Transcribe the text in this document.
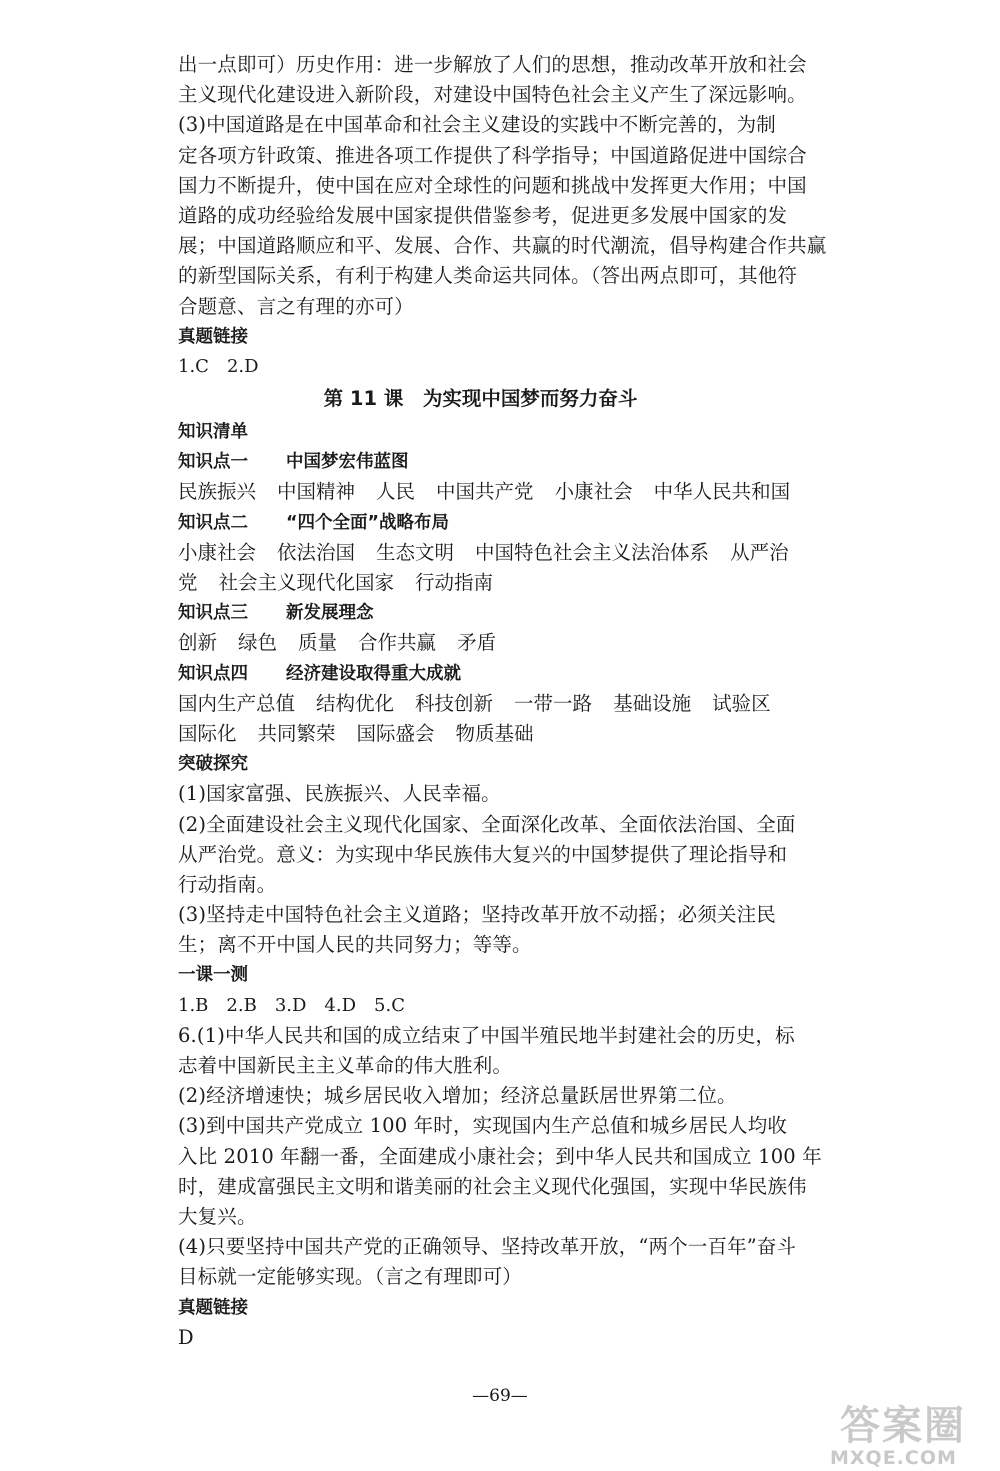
出一点即可）历史作用：进一步解放了人们的思想，推动改革开放和社会
主义现代化建设进入新阶段，对建设中国特色社会主义产生了深远影响。
(3)中国道路是在中国革命和社会主义建设的实践中不断完善的，为制
定各项方针政策、推进各项工作提供了科学指导；中国道路促进中国综合
国力不断提升，使中国在应对全球性的问题和挑战中发挥更大作用；中国
道路的成功经验给发展中国家提供借鉴参考，促进更多发展中国家的发
展；中国道路顺应和平、发展、合作、共赢的时代潮流，倡导构建合作共赢
的新型国际关系，有利于构建人类命运共同体。（答出两点即可，其他符
合题意、言之有理的亦可）
真题链接
1.C 2.D
第 11 课　为实现中国梦而努力奋斗
知识清单
知识点一	中国梦宏伟蓝图
民族振兴 中国精神 人民 中国共产党 小康社会 中华人民共和国
知识点二	“四个全面”战略布局
小康社会 依法治国 生态文明 中国特色社会主义法治体系 从严治
党 社会主义现代化国家 行动指南
知识点三	新发展理念
创新 绿色 质量 合作共赢 矛盾
知识点四	经济建设取得重大成就
国内生产总值 结构优化 科技创新 一带一路 基础设施 试验区
国际化 共同繁荣 国际盛会 物质基础
突破探究
(1)国家富强、民族振兴、人民幸福。
(2)全面建设社会主义现代化国家、全面深化改革、全面依法治国、全面
从严治党。意义：为实现中华民族伟大复兴的中国梦提供了理论指导和
行动指南。
(3)坚持走中国特色社会主义道路；坚持改革开放不动摇；必须关注民
生；离不开中国人民的共同努力；等等。
一课一测
1.B 2.B 3.D 4.D 5.C
6.(1)中华人民共和国的成立结束了中国半殖民地半封建社会的历史，标
志着中国新民主主义革命的伟大胜利。
(2)经济增速快；城乡居民收入增加；经济总量跃居世界第二位。
(3)到中国共产党成立 100 年时，实现国内生产总值和城乡居民人均收
入比 2010 年翻一番，全面建成小康社会；到中华人民共和国成立 100 年
时，建成富强民主文明和谐美丽的社会主义现代化强国，实现中华民族伟
大复兴。
(4)只要坚持中国共产党的正确领导、坚持改革开放，“两个一百年”奋斗
目标就一定能够实现。（言之有理即可）
真题链接
D
—69—
答案圈
MXQE.COM
